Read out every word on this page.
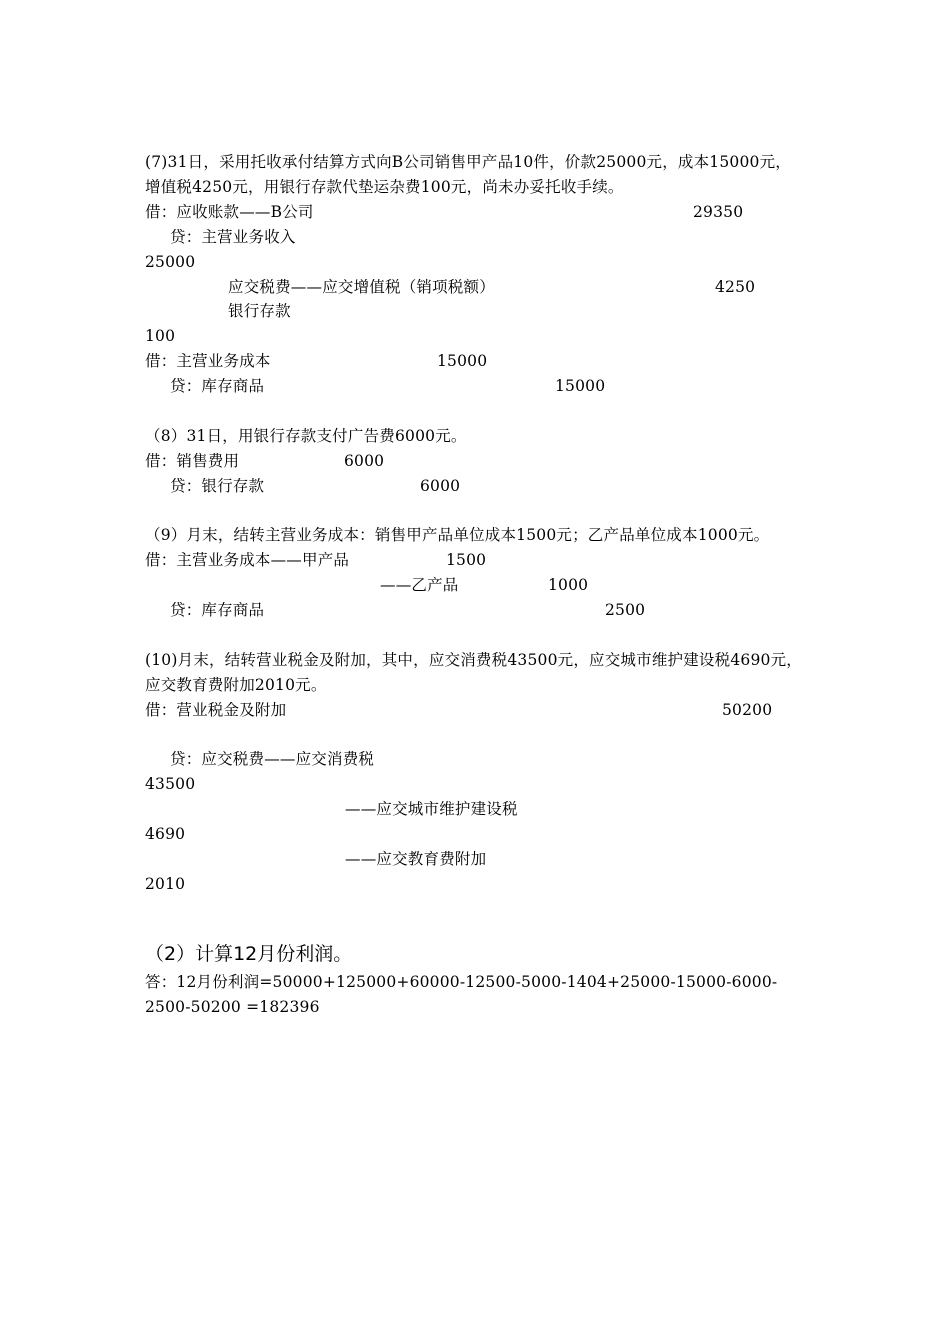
(7)31日，采用托收承付结算方式向B公司销售甲产品10件，价款25000元，成本15000元，
增值税4250元，用银行存款代垫运杂费100元，尚未办妥托收手续。
借：应收账款——B公司	29350
贷：主营业务收入
25000
应交税费——应交增值税（销项税额）	4250
银行存款
100
借：主营业务成本	15000
贷：库存商品	15000
（8）31日，用银行存款支付广告费6000元。
借：销售费用	6000
贷：银行存款	6000
（9）月末，结转主营业务成本：销售甲产品单位成本1500元；乙产品单位成本1000元。
借：主营业务成本——甲产品	1500
——乙产品	1000
贷：库存商品	2500
(10)月末，结转营业税金及附加，其中，应交消费税43500元，应交城市维护建设税4690元，
应交教育费附加2010元。
借：营业税金及附加	50200
贷：应交税费——应交消费税
43500
——应交城市维护建设税
4690
——应交教育费附加
2010
（2）计算12月份利润。
答：12月份利润=50000+125000+60000-12500-5000-1404+25000-15000-6000-
2500-50200 =182396
